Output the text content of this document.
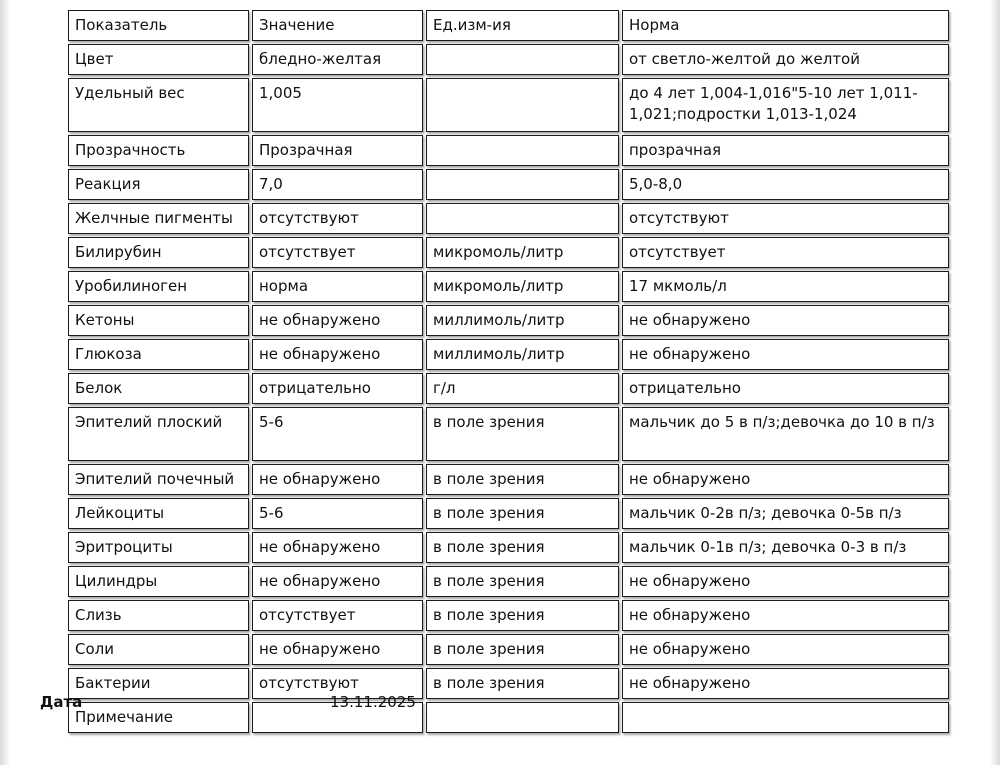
Показатель	Значение	Ед.изм-ия	Норма
Цвет	бледно-желтая		от светло-желтой до желтой
Удельный вес	1,005		до 4 лет 1,004-1,016"5-10 лет 1,011-1,021;подростки 1,013-1,024
Прозрачность	Прозрачная		прозрачная
Реакция	7,0		5,0-8,0
Желчные пигменты	отсутствуют		отсутствуют
Билирубин	отсутствует	микромоль/литр	отсутствует
Уробилиноген	норма	микромоль/литр	17 мкмоль/л
Кетоны	не обнаружено	миллимоль/литр	не обнаружено
Глюкоза	не обнаружено	миллимоль/литр	не обнаружено
Белок	отрицательно	г/л	отрицательно
Эпителий плоский	5-6	в поле зрения	мальчик до 5 в п/з;девочка до 10 в п/з
Эпителий почечный	не обнаружено	в поле зрения	не обнаружено
Лейкоциты	5-6	в поле зрения	мальчик 0-2в п/з; девочка 0-5в п/з
Эритроциты	не обнаружено	в поле зрения	мальчик 0-1в п/з; девочка 0-3 в п/з
Цилиндры	не обнаружено	в поле зрения	не обнаружено
Слизь	отсутствует	в поле зрения	не обнаружено
Соли	не обнаружено	в поле зрения	не обнаружено
Бактерии	отсутствуют	в поле зрения	не обнаружено
Примечание			
Дата	13.11.2025
